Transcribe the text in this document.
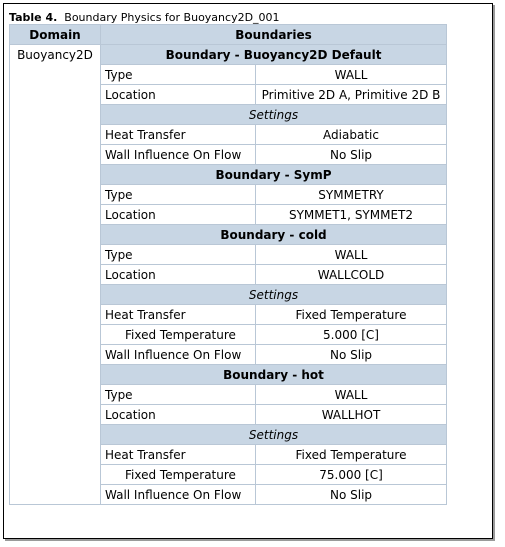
Table 4. Boundary Physics for Buoyancy2D_001
Domain	Boundaries	
Buoyancy2D	Boundary - Buoyancy2D Default	
	Type	WALL
	Location	Primitive 2D A, Primitive 2D B
	Settings	
	Heat Transfer	Adiabatic
	Wall Influence On Flow	No Slip
	Boundary - SymP	
	Type	SYMMETRY
	Location	SYMMET1, SYMMET2
	Boundary - cold	
	Type	WALL
	Location	WALLCOLD
	Settings	
	Heat Transfer	Fixed Temperature
	Fixed Temperature	5.000 [C]
	Wall Influence On Flow	No Slip
	Boundary - hot	
	Type	WALL
	Location	WALLHOT
	Settings	
	Heat Transfer	Fixed Temperature
	Fixed Temperature	75.000 [C]
	Wall Influence On Flow	No Slip
